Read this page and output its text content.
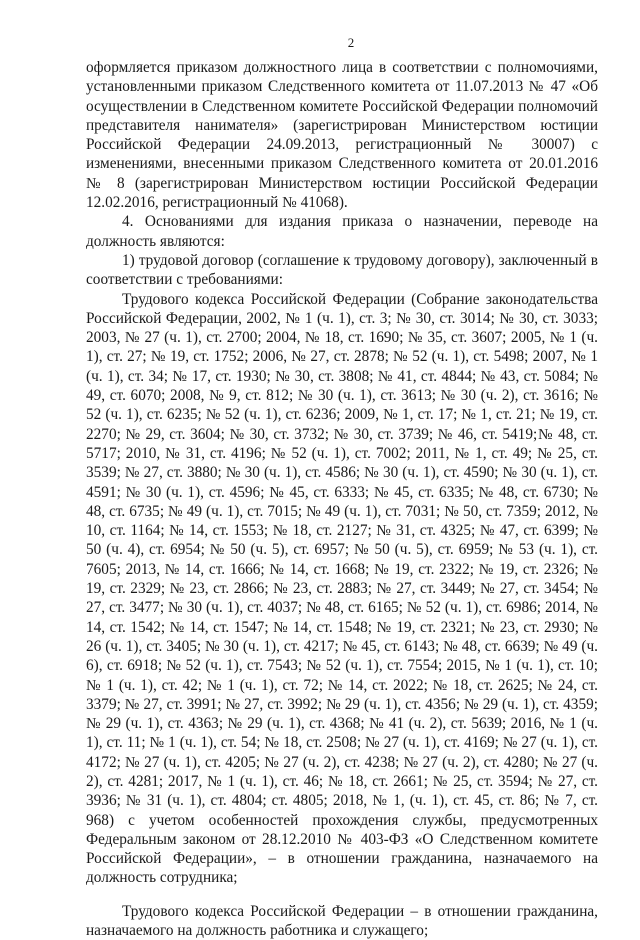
2

оформляется приказом должностного лица в соответствии с полномочиями, установленными приказом Следственного комитета от 11.07.2013 № 47 «Об осуществлении в Следственном комитете Российской Федерации полномочий представителя нанимателя» (зарегистрирован Министерством юстиции Российской Федерации 24.09.2013, регистрационный № 30007) с изменениями, внесенными приказом Следственного комитета от 20.01.2016 № 8 (зарегистрирован Министерством юстиции Российской Федерации 12.02.2016, регистрационный № 41068).

4. Основаниями для издания приказа о назначении, переводе на должность являются:

1) трудовой договор (соглашение к трудовому договору), заключенный в соответствии с требованиями:

Трудового кодекса Российской Федерации (Собрание законодательства Российской Федерации, 2002, № 1 (ч. 1), ст. 3; № 30, ст. 3014; № 30, ст. 3033; 2003, № 27 (ч. 1), ст. 2700; 2004, № 18, ст. 1690; № 35, ст. 3607; 2005, № 1 (ч. 1), ст. 27; № 19, ст. 1752; 2006, № 27, ст. 2878; № 52 (ч. 1), ст. 5498; 2007, № 1 (ч. 1), ст. 34; № 17, ст. 1930; № 30, ст. 3808; № 41, ст. 4844; № 43, ст. 5084; № 49, ст. 6070; 2008, № 9, ст. 812; № 30 (ч. 1), ст. 3613; № 30 (ч. 2), ст. 3616; № 52 (ч. 1), ст. 6235; № 52 (ч. 1), ст. 6236; 2009, № 1, ст. 17; № 1, ст. 21; № 19, ст. 2270; № 29, ст. 3604; № 30, ст. 3732; № 30, ст. 3739; № 46, ст. 5419;№ 48, ст. 5717; 2010, № 31, ст. 4196; № 52 (ч. 1), ст. 7002; 2011, № 1, ст. 49; № 25, ст. 3539; № 27, ст. 3880; № 30 (ч. 1), ст. 4586; № 30 (ч. 1), ст. 4590; № 30 (ч. 1), ст. 4591; № 30 (ч. 1), ст. 4596; № 45, ст. 6333; № 45, ст. 6335; № 48, ст. 6730; № 48, ст. 6735; № 49 (ч. 1), ст. 7015; № 49 (ч. 1), ст. 7031; № 50, ст. 7359; 2012, № 10, ст. 1164; № 14, ст. 1553; № 18, ст. 2127; № 31, ст. 4325; № 47, ст. 6399; № 50 (ч. 4), ст. 6954; № 50 (ч. 5), ст. 6957; № 50 (ч. 5), ст. 6959; № 53 (ч. 1), ст. 7605; 2013, № 14, ст. 1666; № 14, ст. 1668; № 19, ст. 2322; № 19, ст. 2326; № 19, ст. 2329; № 23, ст. 2866; № 23, ст. 2883; № 27, ст. 3449; № 27, ст. 3454; № 27, ст. 3477; № 30 (ч. 1), ст. 4037; № 48, ст. 6165; № 52 (ч. 1), ст. 6986; 2014, № 14, ст. 1542; № 14, ст. 1547; № 14, ст. 1548; № 19, ст. 2321; № 23, ст. 2930; № 26 (ч. 1), ст. 3405; № 30 (ч. 1), ст. 4217; № 45, ст. 6143; № 48, ст. 6639; № 49 (ч. 6), ст. 6918; № 52 (ч. 1), ст. 7543; № 52 (ч. 1), ст. 7554; 2015, № 1 (ч. 1), ст. 10; № 1 (ч. 1), ст. 42; № 1 (ч. 1), ст. 72; № 14, ст. 2022; № 18, ст. 2625; № 24, ст. 3379; № 27, ст. 3991; № 27, ст. 3992; № 29 (ч. 1), ст. 4356; № 29 (ч. 1), ст. 4359; № 29 (ч. 1), ст. 4363; № 29 (ч. 1), ст. 4368; № 41 (ч. 2), ст. 5639; 2016, № 1 (ч. 1), ст. 11; № 1 (ч. 1), ст. 54; № 18, ст. 2508; № 27 (ч. 1), ст. 4169; № 27 (ч. 1), ст. 4172; № 27 (ч. 1), ст. 4205; № 27 (ч. 2), ст. 4238; № 27 (ч. 2), ст. 4280; № 27 (ч. 2), ст. 4281; 2017, № 1 (ч. 1), ст. 46; № 18, ст. 2661; № 25, ст. 3594; № 27, ст. 3936; № 31 (ч. 1), ст. 4804; ст. 4805; 2018, № 1, (ч. 1), ст. 45, ст. 86; № 7, ст. 968) с учетом особенностей прохождения службы, предусмотренных Федеральным законом от 28.12.2010 № 403-ФЗ «О Следственном комитете Российской Федерации», – в отношении гражданина, назначаемого на должность сотрудника;

Трудового кодекса Российской Федерации – в отношении гражданина, назначаемого на должность работника и служащего;
